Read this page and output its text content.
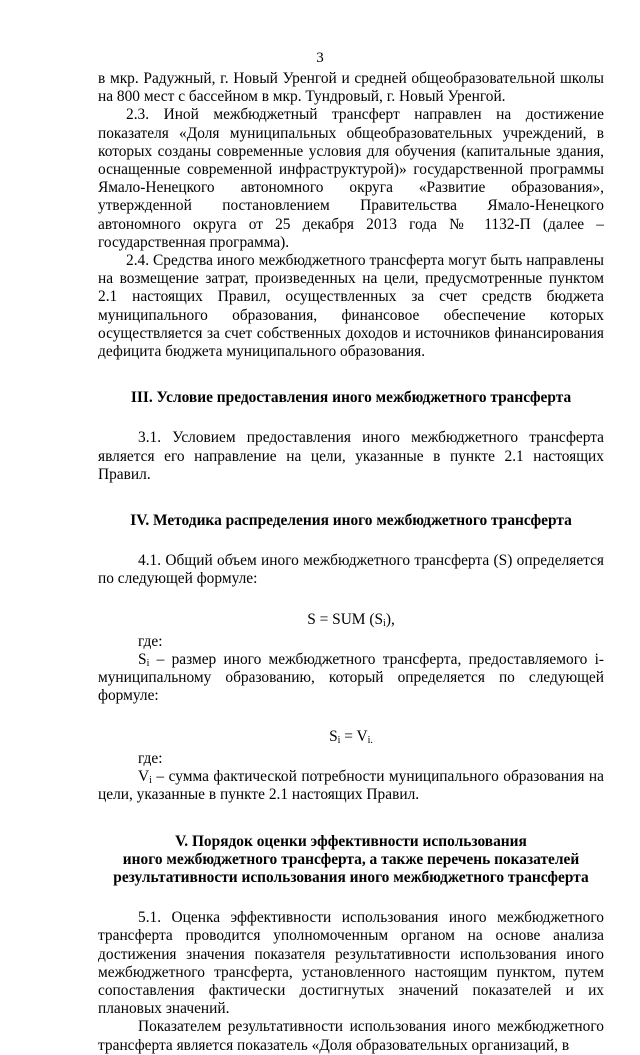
3

в мкр. Радужный, г. Новый Уренгой и средней общеобразовательной школы на 800 мест с бассейном в мкр. Тундровый, г. Новый Уренгой.

2.3. Иной межбюджетный трансферт направлен на достижение показателя «Доля муниципальных общеобразовательных учреждений, в которых созданы современные условия для обучения (капитальные здания, оснащенные современной инфраструктурой)» государственной программы Ямало-Ненецкого автономного округа «Развитие образования», утвержденной постановлением Правительства Ямало-Ненецкого автономного округа от 25 декабря 2013 года № 1132-П (далее – государственная программа).

2.4. Средства иного межбюджетного трансферта могут быть направлены на возмещение затрат, произведенных на цели, предусмотренные пунктом 2.1 настоящих Правил, осуществленных за счет средств бюджета муниципального образования, финансовое обеспечение которых осуществляется за счет собственных доходов и источников финансирования дефицита бюджета муниципального образования.

III. Условие предоставления иного межбюджетного трансферта

3.1. Условием предоставления иного межбюджетного трансферта является его направление на цели, указанные в пункте 2.1 настоящих Правил.

IV. Методика распределения иного межбюджетного трансферта

4.1. Общий объем иного межбюджетного трансферта (S) определяется по следующей формуле:

S = SUM $(S_i)$,

где:

$S_i$ – размер иного межбюджетного трансферта, предоставляемого i-муниципальному образованию, который определяется по следующей формуле:

$S_i = V_{i.}$

где:

$V_i$ – сумма фактической потребности муниципального образования на цели, указанные в пункте 2.1 настоящих Правил.

V. Порядок оценки эффективности использования

иного межбюджетного трансферта, а также перечень показателей

результативности использования иного межбюджетного трансферта

5.1. Оценка эффективности использования иного межбюджетного трансферта проводится уполномоченным органом на основе анализа достижения значения показателя результативности использования иного межбюджетного трансферта, установленного настоящим пунктом, путем сопоставления фактически достигнутых значений показателей и их плановых значений.

Показателем результативности использования иного межбюджетного трансферта является показатель «Доля образовательных организаций, в
